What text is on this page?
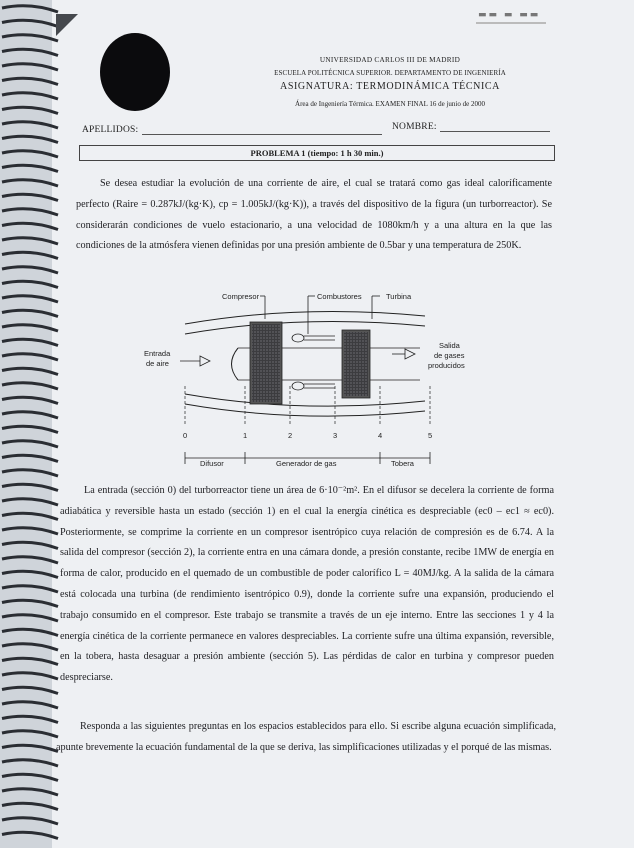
▬▬ ▬ ▬▬
UNIVERSIDAD CARLOS III DE MADRID
ESCUELA POLITÉCNICA SUPERIOR. DEPARTAMENTO DE INGENIERÍA
ASIGNATURA: TERMODINÁMICA TÉCNICA
Área de Ingeniería Térmica. EXAMEN FINAL 16 de junio de 2000
APELLIDOS:	NOMBRE:
PROBLEMA 1 (tiempo: 1 h 30 min.)
Se desea estudiar la evolución de una corriente de aire, el cual se tratará como gas ideal caloríficamente perfecto (Raire = 0.287kJ/(kg·K), cp = 1.005kJ/(kg·K)), a través del dispositivo de la figura (un turborreactor). Se considerarán condiciones de vuelo estacionario, a una velocidad de 1080km/h y a una altura en la que las condiciones de la atmósfera vienen definidas por una presión ambiente de 0.5bar y una temperatura de 250K.
Compresor	Combustores	Turbina
Entrada
de aire
Salida
de gases
producidos
0	1	2	3	4	5
Difusor	Generador de gas	Tobera
La entrada (sección 0) del turborreactor tiene un área de 6·10⁻²m². En el difusor se decelera la corriente de forma adiabática y reversible hasta un estado (sección 1) en el cual la energía cinética es despreciable (ec0 – ec1 ≈ ec0). Posteriormente, se comprime la corriente en un compresor isentrópico cuya relación de compresión es de 6.74. A la salida del compresor (sección 2), la corriente entra en una cámara donde, a presión constante, recibe 1MW de energía en forma de calor, producido en el quemado de un combustible de poder calorífico L = 40MJ/kg. A la salida de la cámara está colocada una turbina (de rendimiento isentrópico 0.9), donde la corriente sufre una expansión, produciendo el trabajo consumido en el compresor. Este trabajo se transmite a través de un eje interno. Entre las secciones 1 y 4 la energía cinética de la corriente permanece en valores despreciables. La corriente sufre una última expansión, reversible, en la tobera, hasta desaguar a presión ambiente (sección 5). Las pérdidas de calor en turbina y compresor pueden despreciarse.
Responda a las siguientes preguntas en los espacios establecidos para ello. Si escribe alguna ecuación simplificada, apunte brevemente la ecuación fundamental de la que se deriva, las simplificaciones utilizadas y el porqué de las mismas.
